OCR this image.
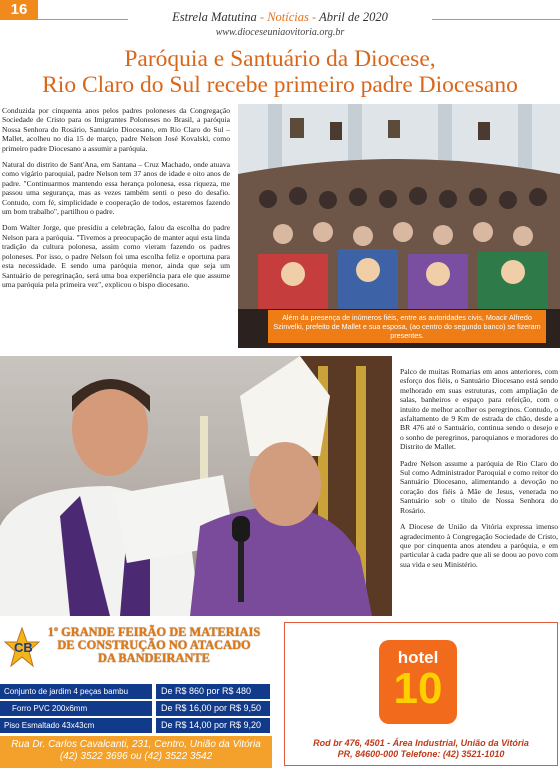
16	Estrela Matutina - Notícias - Abril de 2020
www.dioceseuniaovitoria.org.br
Paróquia e Santuário da Diocese,
Rio Claro do Sul recebe primeiro padre Diocesano

Conduzida por cinquenta anos pelos padres poloneses da Congregação Sociedade de Cristo para os Imigrantes Poloneses no Brasil, a paróquia Nossa Senhora do Rosário, Santuário Diocesano, em Rio Claro do Sul – Mallet, acolheu no dia 15 de março, padre Nelson José Kovalski, como primeiro padre Diocesano a assumir a paróquia.

Natural do distrito de Sant'Ana, em Santana – Cruz Machado, onde atuava como vigário paroquial, padre Nelson tem 37 anos de idade e oito anos de padre. "Continuarmos mantendo essa herança polonesa, essa riqueza, me passou uma segurança, mas as vezes também senti o peso do desafio. Contudo, com fé, simplicidade e cooperação de todos, estaremos fazendo um bom trabalho", partilhou o padre.

Dom Walter Jorge, que presidiu a celebração, falou da escolha do padre Nelson para a paróquia. "Tivemos a preocupação de manter aqui esta linda tradição da cultura polonesa, assim como vieram fazendo os padres poloneses. Por isso, o padre Nelson foi uma escolha feliz e oportuna para esta necessidade. E sendo uma paróquia menor, ainda que seja um Santuário de peregrinação, será uma boa experiência para ele que assume uma paróquia pela primeira vez", explicou o bispo diocesano.

Além da presença de inúmeros fiéis, entre as autoridades civis, Moacir Alfredo Szinvelki, prefeito de Mallet e sua esposa, (ao centro do segundo banco) se fizeram presentes.

Palco de muitas Romarias em anos anteriores, com esforço dos fiéis, o Santuário Diocesano está sendo melhorado em suas estruturas, com ampliação de salas, banheiros e espaço para refeição, com o intuito de melhor acolher os peregrinos. Contudo, o asfaltamento de 9 Km de estrada de chão, desde a BR 476 até o Santuário, continua sendo o desejo e o sonho de peregrinos, paroquianos e moradores do Distrito de Mallet.

Padre Nelson assume a paróquia de Rio Claro do Sul como Administrador Paroquial e como reitor do Santuário Diocesano, alimentando a devoção no coração dos fiéis à Mãe de Jesus, venerada no Santuário sob o título de Nossa Senhora do Rosário.

A Diocese de União da Vitória expressa imenso agradecimento à Congregação Sociedade de Cristo, que por cinquenta anos atendeu a paróquia, e em particular à cada padre que ali se doou ao povo com sua vida e seu Ministério.

CB
1º GRANDE FEIRÃO DE MATERIAIS
DE CONSTRUÇÃO NO ATACADO
DA BANDEIRANTE
Conjunto de jardim 4 peças bambu	De R$ 860 por R$ 480
Forro PVC 200x6mm	De R$ 16,00 por R$ 9,50
Piso Esmaltado 43x43cm	De R$ 14,00 por R$ 9,20
Rua Dr. Carlos Cavalcanti, 231, Centro, União da Vitória
(42) 3522 3696 ou (42) 3522 3542
hotel
10
Rod br 476, 4501 - Área Industrial, União da Vitória
PR, 84600-000 Telefone: (42) 3521-1010
